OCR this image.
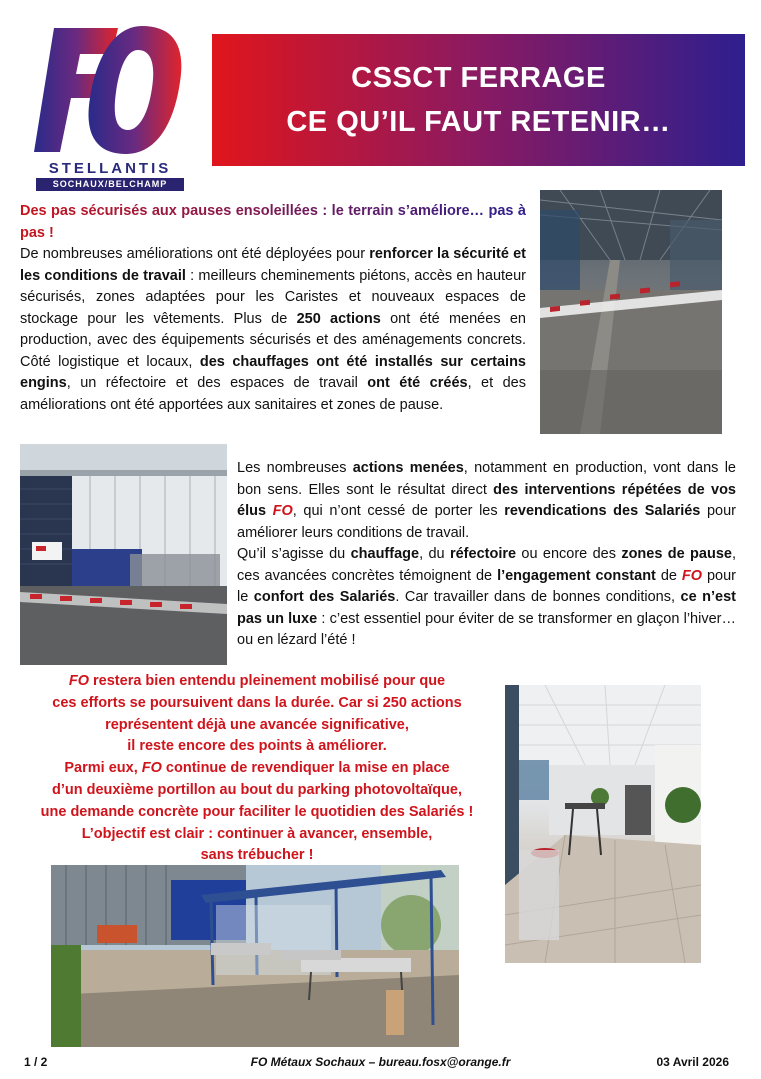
STELLANTIS
SOCHAUX/BELCHAMP
CSSCT FERRAGE
CE QU’IL FAUT RETENIR…
Des pas sécurisés aux pauses ensoleillées : le terrain s’améliore… pas à pas !
De nombreuses améliorations ont été déployées pour renforcer la sécurité et les conditions de travail : meilleurs cheminements piétons, accès en hauteur sécurisés, zones adaptées pour les Caristes et nouveaux espaces de stockage pour les vêtements. Plus de 250 actions ont été menées en production, avec des équipements sécurisés et des aménagements concrets. Côté logistique et locaux, des chauffages ont été installés sur certains engins, un réfectoire et des espaces de travail ont été créés, et des améliorations ont été apportées aux sanitaires et zones de pause.
Les nombreuses actions menées, notamment en production, vont dans le bon sens. Elles sont le résultat direct des interventions répétées de vos élus FO, qui n’ont cessé de porter les revendications des Salariés pour améliorer leurs conditions de travail.
Qu’il s’agisse du chauffage, du réfectoire ou encore des zones de pause, ces avancées concrètes témoignent de l’engagement constant de FO pour le confort des Salariés. Car travailler dans de bonnes conditions, ce n’est pas un luxe : c’est essentiel pour éviter de se transformer en glaçon l’hiver… ou en lézard l’été !
FO restera bien entendu pleinement mobilisé pour que
ces efforts se poursuivent dans la durée. Car si 250 actions
représentent déjà une avancée significative,
il reste encore des points à améliorer.
Parmi eux, FO continue de revendiquer la mise en place
d’un deuxième portillon au bout du parking photovoltaïque,
une demande concrète pour faciliter le quotidien des Salariés !
L’objectif est clair : continuer à avancer, ensemble,
sans trébucher !
1 / 2	FO Métaux Sochaux – bureau.fosx@orange.fr	03 Avril 2026
